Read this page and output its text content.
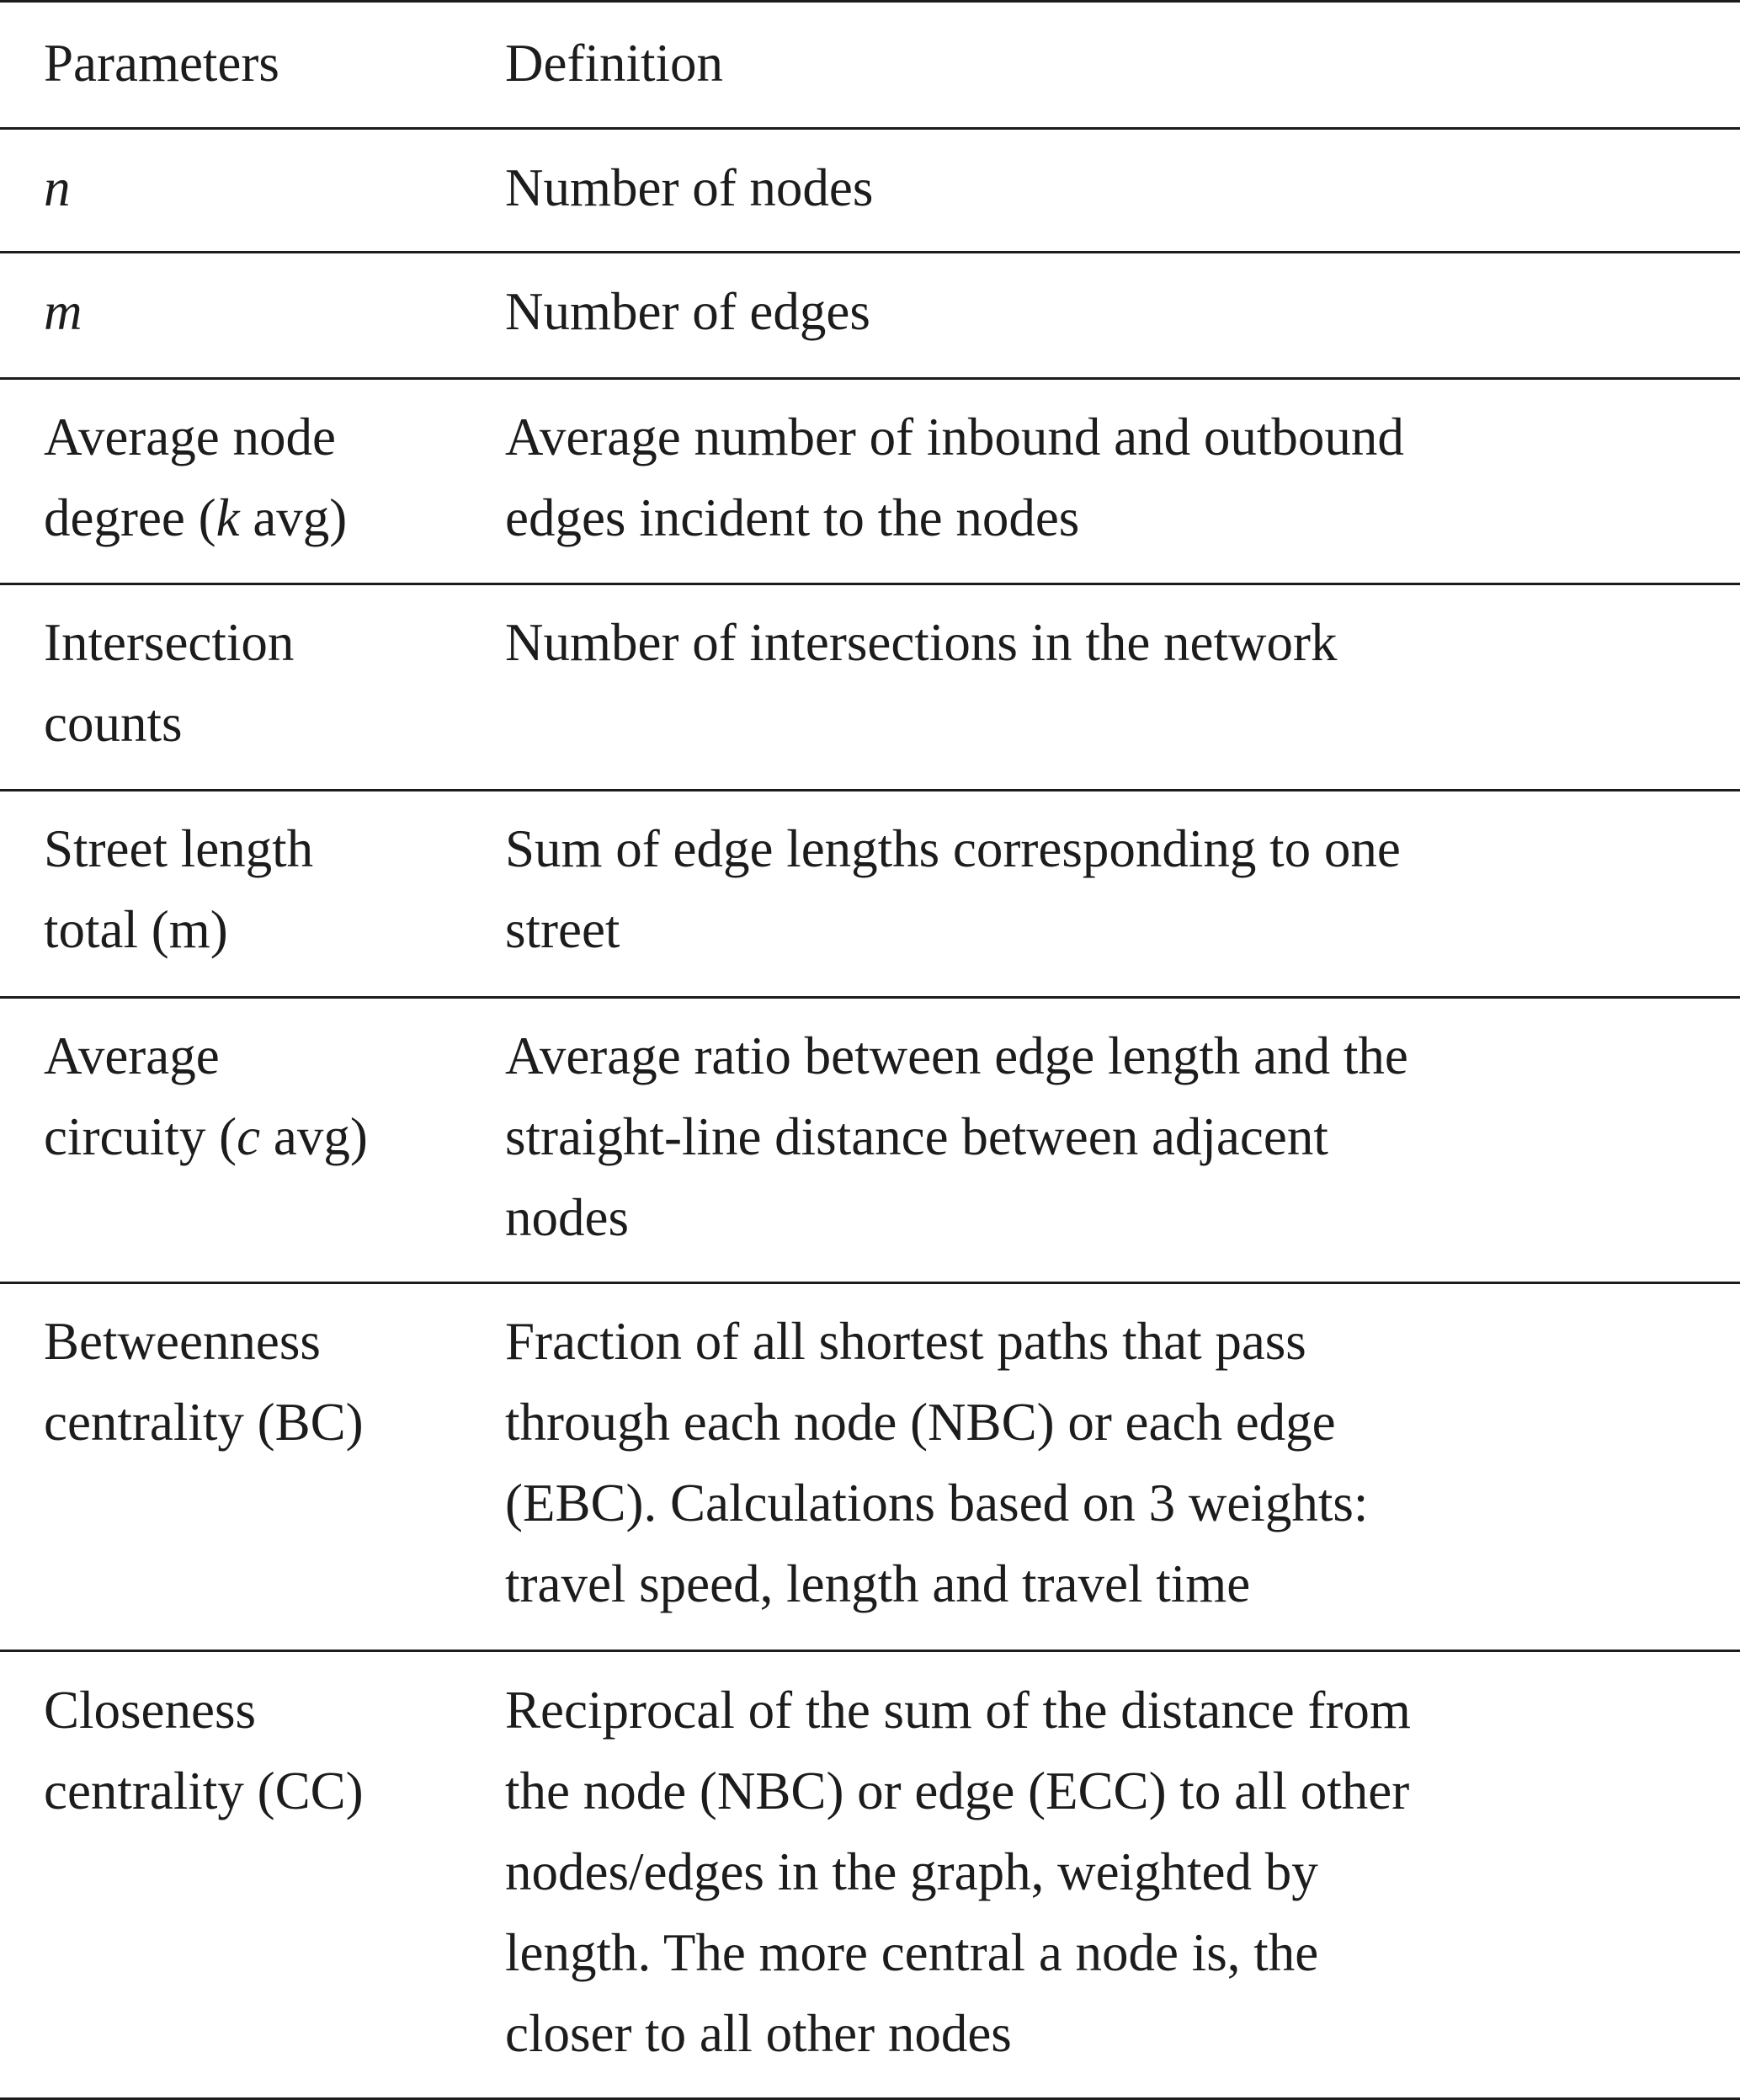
Parameters	Definition

n	Number of nodes

m	Number of edges

Average node
degree (k avg)	Average number of inbound and outbound
edges incident to the nodes

Intersection
counts	Number of intersections in the network

Street length
total (m)	Sum of edge lengths corresponding to one
street

Average
circuity (c avg)	Average ratio between edge length and the
straight-line distance between adjacent
nodes

Betweenness
centrality (BC)	Fraction of all shortest paths that pass
through each node (NBC) or each edge
(EBC). Calculations based on 3 weights:
travel speed, length and travel time

Closeness
centrality (CC)	Reciprocal of the sum of the distance from
the node (NBC) or edge (ECC) to all other
nodes/edges in the graph, weighted by
length. The more central a node is, the
closer to all other nodes
